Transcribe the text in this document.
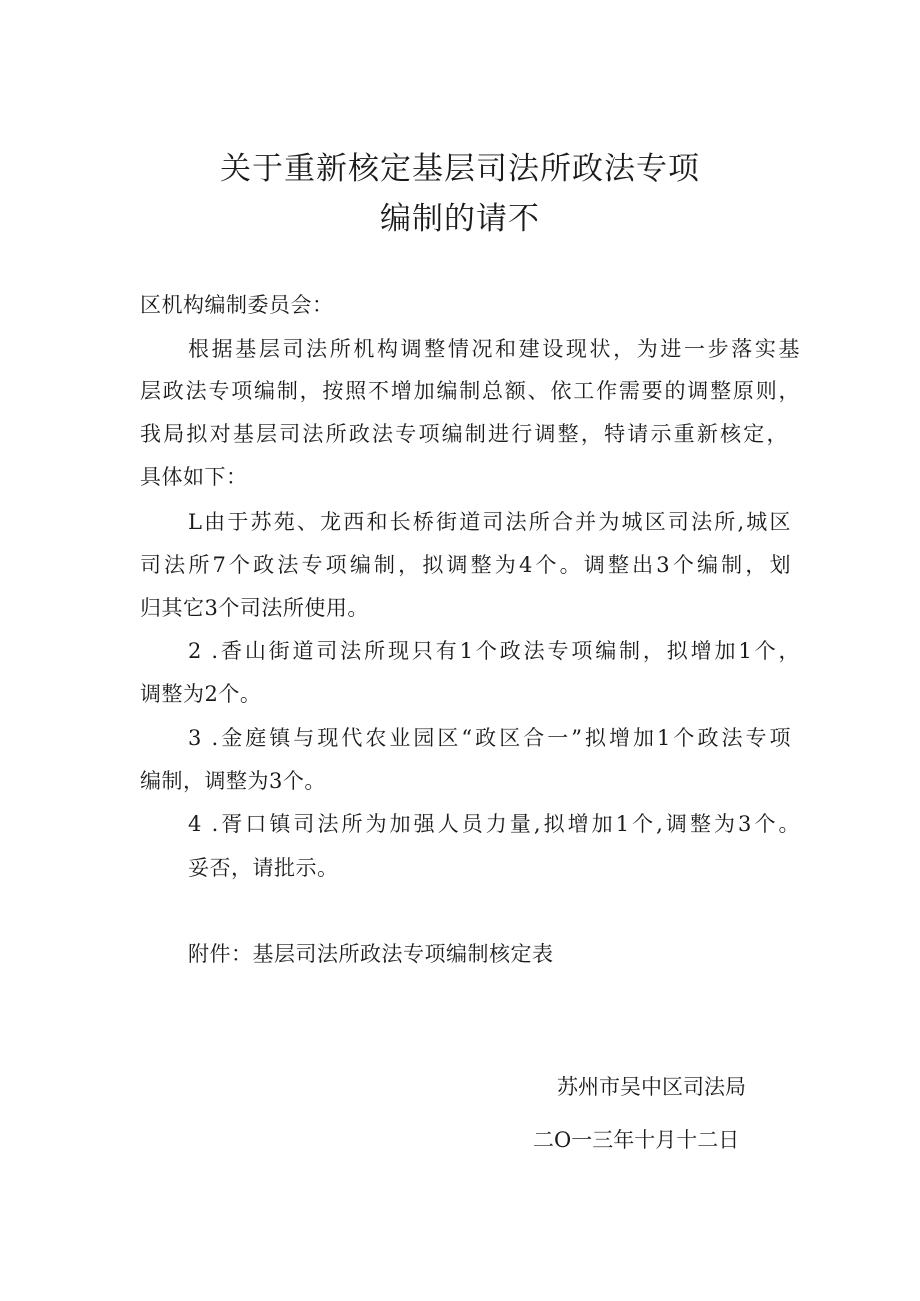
关于重新核定基层司法所政法专项
编制的请不
区机构编制委员会：
根据基层司法所机构调整情况和建设现状，为进一步落实基
层政法专项编制，按照不增加编制总额、依工作需要的调整原则，
我局拟对基层司法所政法专项编制进行调整，特请示重新核定，
具体如下：
L由于苏苑、龙西和长桥街道司法所合并为城区司法所,城区
司法所7个政法专项编制，拟调整为4个。调整出3个编制，划
归其它3个司法所使用。
2 .香山街道司法所现只有1个政法专项编制，拟增加1个，
调整为2个。
3 .金庭镇与现代农业园区“政区合一”拟增加1个政法专项
编制，调整为3个。
4 .胥口镇司法所为加强人员力量,拟增加1个,调整为3个。
妥否，请批示。
附件：基层司法所政法专项编制核定表
苏州市吴中区司法局
二O一三年十月十二日
